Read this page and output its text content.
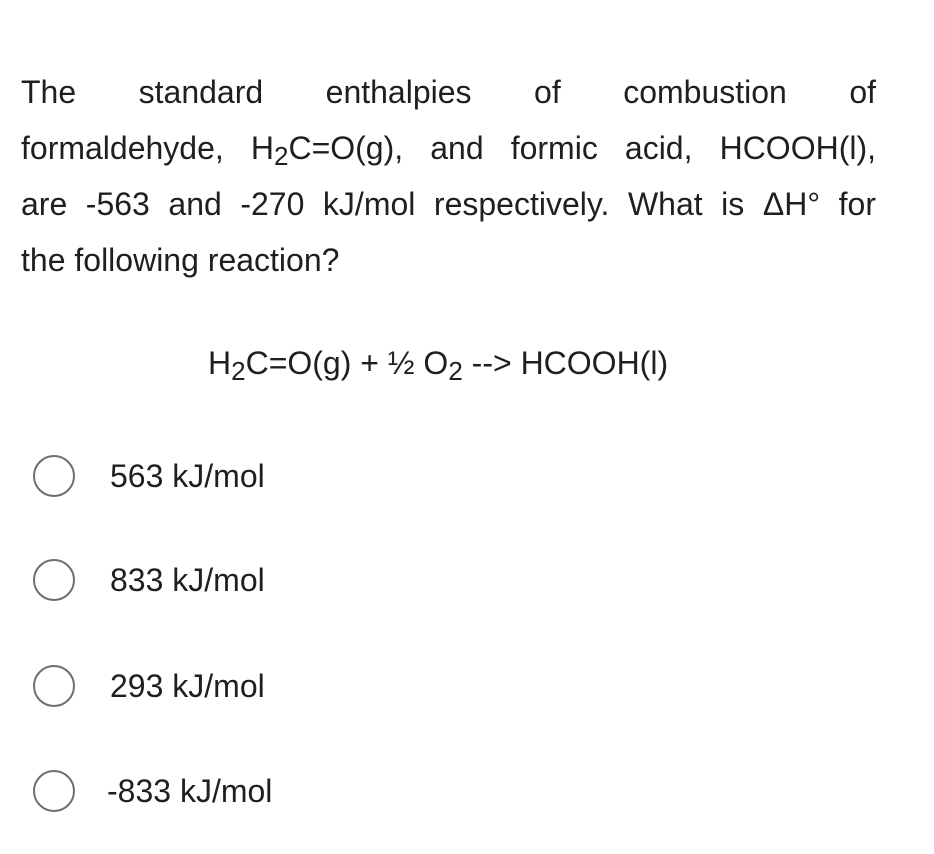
The standard enthalpies of combustion of
formaldehyde, $H_2C=O(g)$, and formic acid, HCOOH(l),
are -563 and -270 kJ/mol respectively. What is ΔH° for
the following reaction?
$H_2C=O(g)$ + ½ $O_2$ --> HCOOH(l)
563 kJ/mol
833 kJ/mol
293 kJ/mol
-833 kJ/mol
